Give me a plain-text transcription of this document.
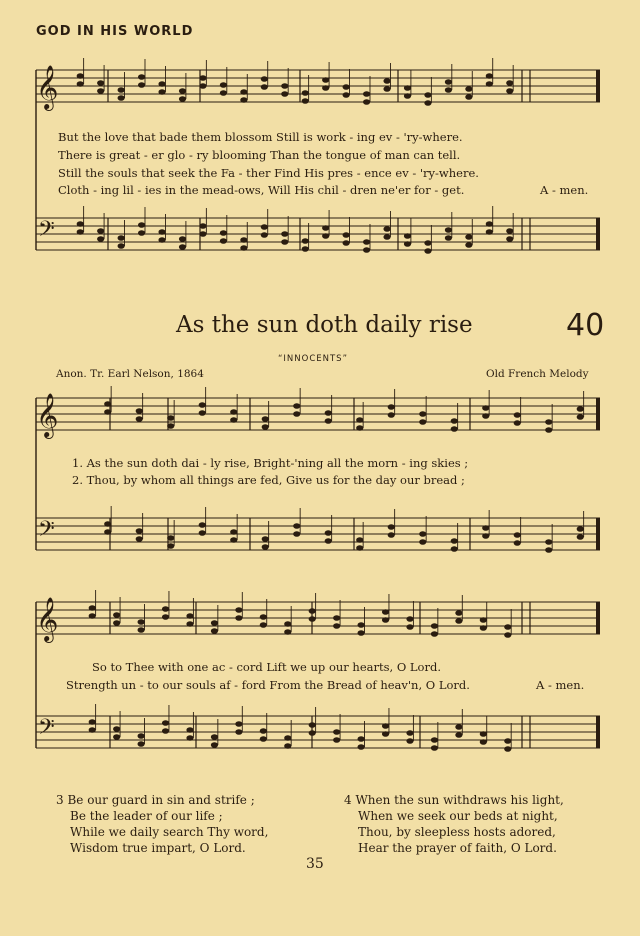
𝄞
𝄢
𝄞
𝄢
𝄞
𝄢
GOD IN HIS WORLD
But the love that bade them blossom Still is work - ing ev - 'ry-where.
There is great - er glo - ry blooming Than the tongue of man can tell.
Still the souls that seek the Fa - ther Find His pres - ence ev - 'ry-where.
Cloth - ing lil - ies in the mead-ows, Will His chil - dren ne'er for - get.	A - men.
As the sun doth daily rise	40
“INNOCENTS”
Anon. Tr. Earl Nelson, 1864	Old French Melody
1. As the sun doth dai - ly rise, Bright-'ning all the morn - ing skies ;
2. Thou, by whom all things are fed, Give us for the day our bread ;
So to Thee with one ac - cord Lift we up our hearts, O Lord.
Strength un - to our souls af - ford From the Bread of heav'n, O Lord.	A - men.
3 Be our guard in sin and strife ;
Be the leader of our life ;
While we daily search Thy word,
Wisdom true impart, O Lord.
4 When the sun withdraws his light,
When we seek our beds at night,
Thou, by sleepless hosts adored,
Hear the prayer of faith, O Lord.
35
